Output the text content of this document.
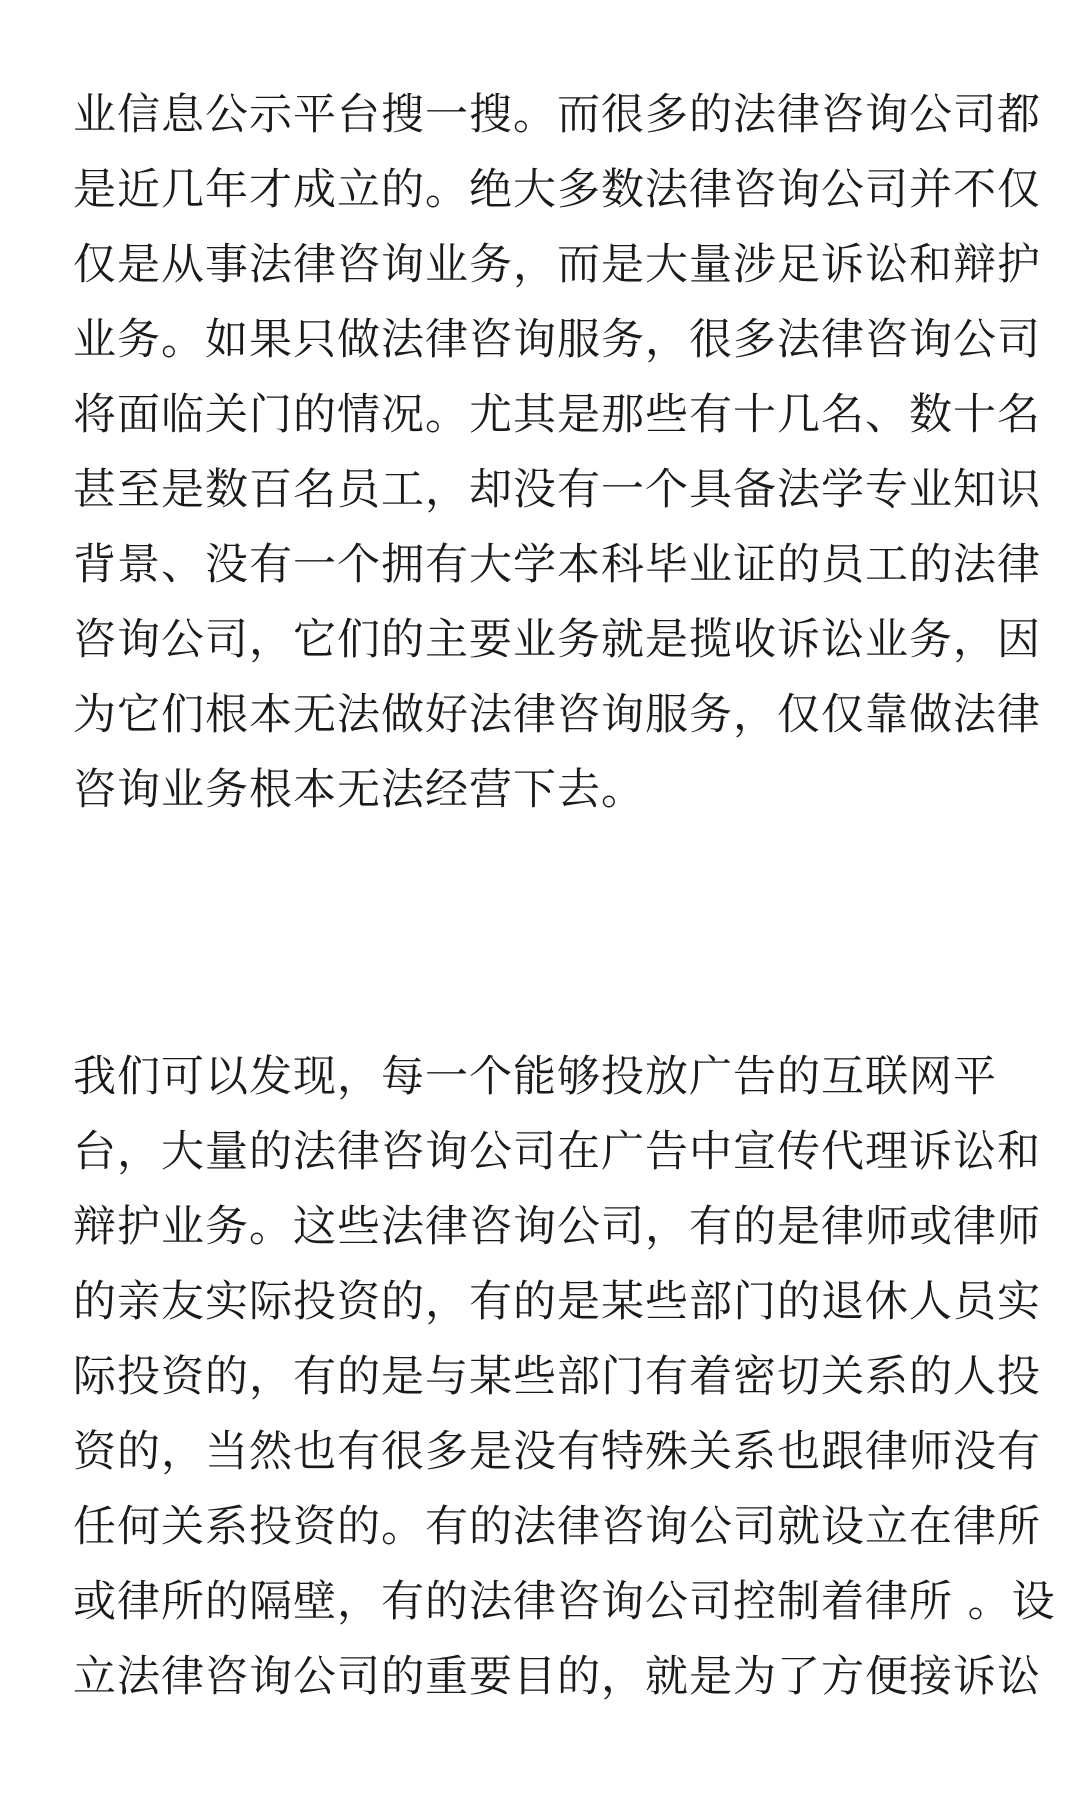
业信息公示平台搜一搜。而很多的法律咨询公司都
是近几年才成立的。绝大多数法律咨询公司并不仅
仅是从事法律咨询业务，而是大量涉足诉讼和辩护
业务。如果只做法律咨询服务，很多法律咨询公司
将面临关门的情况。尤其是那些有十几名、数十名
甚至是数百名员工，却没有一个具备法学专业知识
背景、没有一个拥有大学本科毕业证的员工的法律
咨询公司，它们的主要业务就是揽收诉讼业务，因
为它们根本无法做好法律咨询服务，仅仅靠做法律
咨询业务根本无法经营下去。
我们可以发现，每一个能够投放广告的互联网平
台，大量的法律咨询公司在广告中宣传代理诉讼和
辩护业务。这些法律咨询公司，有的是律师或律师
的亲友实际投资的，有的是某些部门的退休人员实
际投资的，有的是与某些部门有着密切关系的人投
资的，当然也有很多是没有特殊关系也跟律师没有
任何关系投资的。有的法律咨询公司就设立在律所
或律所的隔壁，有的法律咨询公司控制着律所 。设
立法律咨询公司的重要目的，就是为了方便接诉讼
